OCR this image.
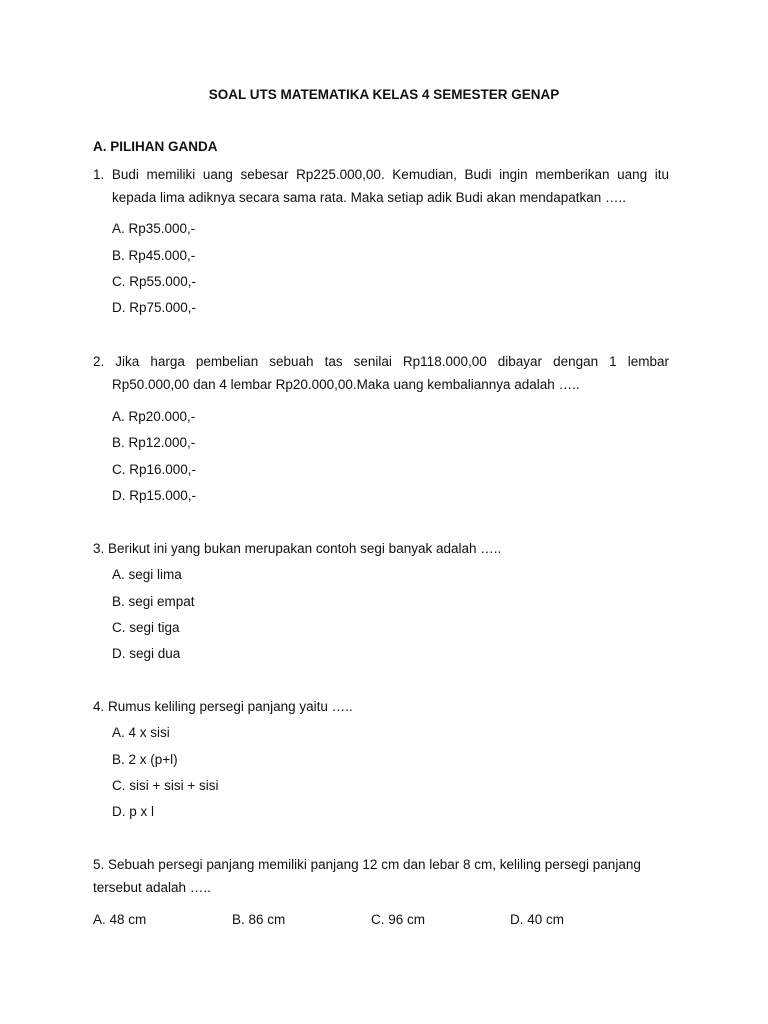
SOAL UTS MATEMATIKA KELAS 4 SEMESTER GENAP
A. PILIHAN GANDA
1. Budi memiliki uang sebesar Rp225.000,00. Kemudian, Budi ingin memberikan uang itu
kepada lima adiknya secara sama rata. Maka setiap adik Budi akan mendapatkan …..
A. Rp35.000,-
B. Rp45.000,-
C. Rp55.000,-
D. Rp75.000,-
2. Jika harga pembelian sebuah tas senilai Rp118.000,00 dibayar dengan 1 lembar
Rp50.000,00 dan 4 lembar Rp20.000,00.Maka uang kembaliannya adalah …..
A. Rp20.000,-
B. Rp12.000,-
C. Rp16.000,-
D. Rp15.000,-
3. Berikut ini yang bukan merupakan contoh segi banyak adalah …..
A. segi lima
B. segi empat
C. segi tiga
D. segi dua
4. Rumus keliling persegi panjang yaitu …..
A. 4 x sisi
B. 2 x (p+l)
C. sisi + sisi + sisi
D. p x l
5. Sebuah persegi panjang memiliki panjang 12 cm dan lebar 8 cm, keliling persegi panjang
tersebut adalah …..
A. 48 cm	B. 86 cm	C. 96 cm	D. 40 cm
